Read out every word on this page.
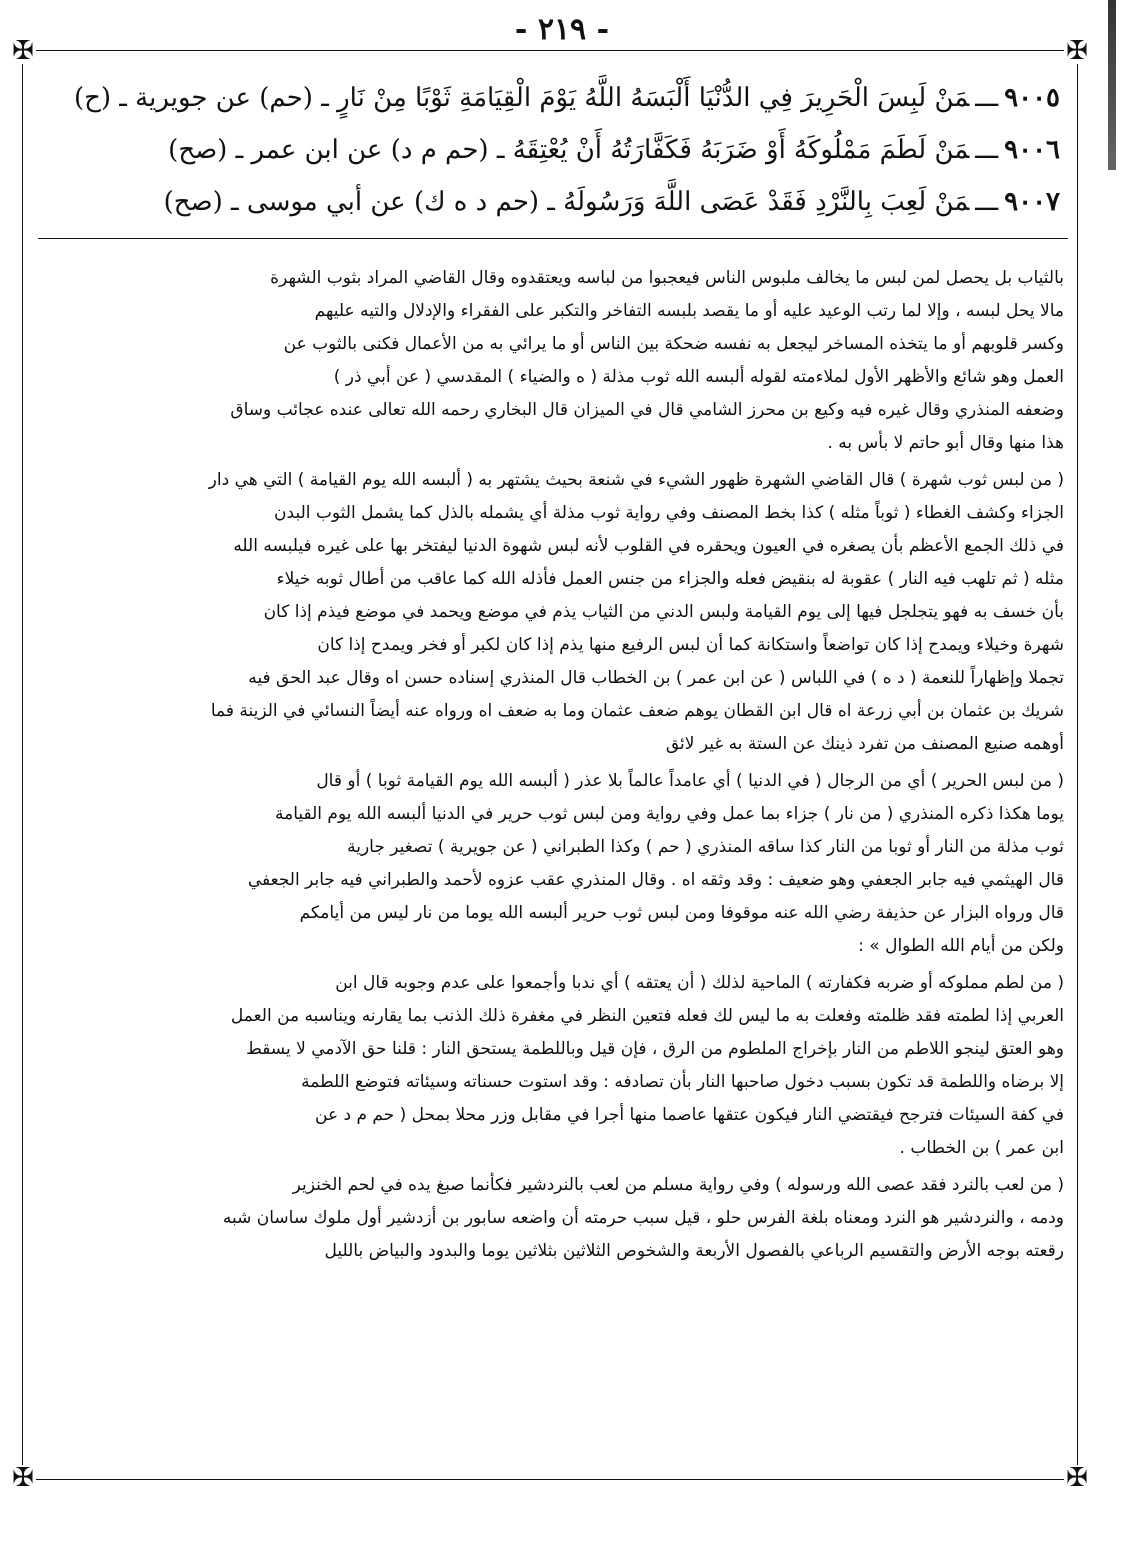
- ٢١٩ -
✠	✠
✠	✠
٩٠٠٥ـــمَنْ لَبِسَ الْحَرِيرَ فِي الدُّنْيَا أَلْبَسَهُ اللَّهُ يَوْمَ الْقِيَامَةِ ثَوْبًا مِنْ نَارٍ ـ (حم) عن جويرية ـ (ح)
٩٠٠٦ـــمَنْ لَطَمَ مَمْلُوكَهُ أَوْ ضَرَبَهُ فَكَفَّارَتُهُ أَنْ يُعْتِقَهُ ـ (حم م د) عن ابن عمر ـ (صح)
٩٠٠٧ـــمَنْ لَعِبَ بِالنَّرْدِ فَقَدْ عَصَى اللَّهَ وَرَسُولَهُ ـ (حم د ه ك) عن أبي موسى ـ (صح)
بالثياب بل يحصل لمن لبس ما يخالف ملبوس الناس فيعجبوا من لباسه ويعتقدوه وقال القاضي المراد بثوب الشهرة
مالا يحل لبسه ، وإلا لما رتب الوعيد عليه أو ما يقصد بلبسه التفاخر والتكبر على الفقراء والإدلال والتيه عليهم
وكسر قلوبهم أو ما يتخذه المساخر ليجعل به نفسه ضحكة بين الناس أو ما يرائي به من الأعمال فكنى بالثوب عن
العمل وهو شائع والأظهر الأول لملاءمته لقوله ألبسه الله ثوب مذلة ( ه والضياء ) المقدسي ( عن أبي ذر )
وضعفه المنذري وقال غيره فيه وكيع بن محرز الشامي قال في الميزان قال البخاري رحمه الله تعالى عنده عجائب وساق
هذا منها وقال أبو حاتم لا بأس به .
( من لبس ثوب شهرة ) قال القاضي الشهرة ظهور الشيء في شنعة بحيث يشتهر به ( ألبسه الله يوم القيامة ) التي هي دار
الجزاء وكشف الغطاء ( ثوباً مثله ) كذا بخط المصنف وفي رواية ثوب مذلة أي يشمله بالذل كما يشمل الثوب البدن
في ذلك الجمع الأعظم بأن يصغره في العيون ويحقره في القلوب لأنه لبس شهوة الدنيا ليفتخر بها على غيره فيلبسه الله
مثله ( ثم تلهب فيه النار ) عقوبة له بنقيض فعله والجزاء من جنس العمل فأذله الله كما عاقب من أطال ثوبه خيلاء
بأن خسف به فهو يتجلجل فيها إلى يوم القيامة ولبس الدني من الثياب يذم في موضع ويحمد في موضع فيذم إذا كان
شهرة وخيلاء ويمدح إذا كان تواضعاً واستكانة كما أن لبس الرفيع منها يذم إذا كان لكبر أو فخر ويمدح إذا كان
تجملا وإظهاراً للنعمة ( د ه ) في اللباس ( عن ابن عمر ) بن الخطاب قال المنذري إسناده حسن اه وقال عبد الحق فيه
شريك بن عثمان بن أبي زرعة اه قال ابن القطان يوهم ضعف عثمان وما به ضعف اه ورواه عنه أيضاً النسائي في الزينة فما
أوهمه صنيع المصنف من تفرد ذينك عن الستة به غير لائق
( من لبس الحرير ) أي من الرجال ( في الدنيا ) أي عامداً عالماً بلا عذر ( ألبسه الله يوم القيامة ثوبا ) أو قال
يوما هكذا ذكره المنذري ( من نار ) جزاء بما عمل وفي رواية ومن لبس ثوب حرير في الدنيا ألبسه الله يوم القيامة
ثوب مذلة من النار أو ثوبا من النار كذا ساقه المنذري ( حم ) وكذا الطبراني ( عن جويرية ) تصغير جارية
قال الهيثمي فيه جابر الجعفي وهو ضعيف : وقد وثقه اه . وقال المنذري عقب عزوه لأحمد والطبراني فيه جابر الجعفي
قال ورواه البزار عن حذيفة رضي الله عنه موقوفا ومن لبس ثوب حرير ألبسه الله يوما من نار ليس من أيامكم
ولكن من أيام الله الطوال » :
( من لطم مملوكه أو ضربه فكفارته ) الماحية لذلك ( أن يعتقه ) أي ندبا وأجمعوا على عدم وجوبه قال ابن
العربي إذا لطمته فقد ظلمته وفعلت به ما ليس لك فعله فتعين النظر في مغفرة ذلك الذنب بما يقارنه ويناسبه من العمل
وهو العتق لينجو اللاطم من النار بإخراج الملطوم من الرق ، فإن قيل وباللطمة يستحق النار : قلنا حق الآدمي لا يسقط
إلا برضاه واللطمة قد تكون بسبب دخول صاحبها النار بأن تصادفه : وقد استوت حسناته وسيئاته فتوضع اللطمة
في كفة السيئات فترجح فيقتضي النار فيكون عتقها عاصما منها أجرا في مقابل وزر محلا بمحل ( حم م د عن
ابن عمر ) بن الخطاب .
( من لعب بالنرد فقد عصى الله ورسوله ) وفي رواية مسلم من لعب بالنردشير فكأنما صبغ يده في لحم الخنزير
ودمه ، والنردشير هو النرد ومعناه بلغة الفرس حلو ، قيل سبب حرمته أن واضعه سابور بن أزدشير أول ملوك ساسان شبه
رقعته بوجه الأرض والتقسيم الرباعي بالفصول الأربعة والشخوص الثلاثين بثلاثين يوما والبدود والبياض بالليل
